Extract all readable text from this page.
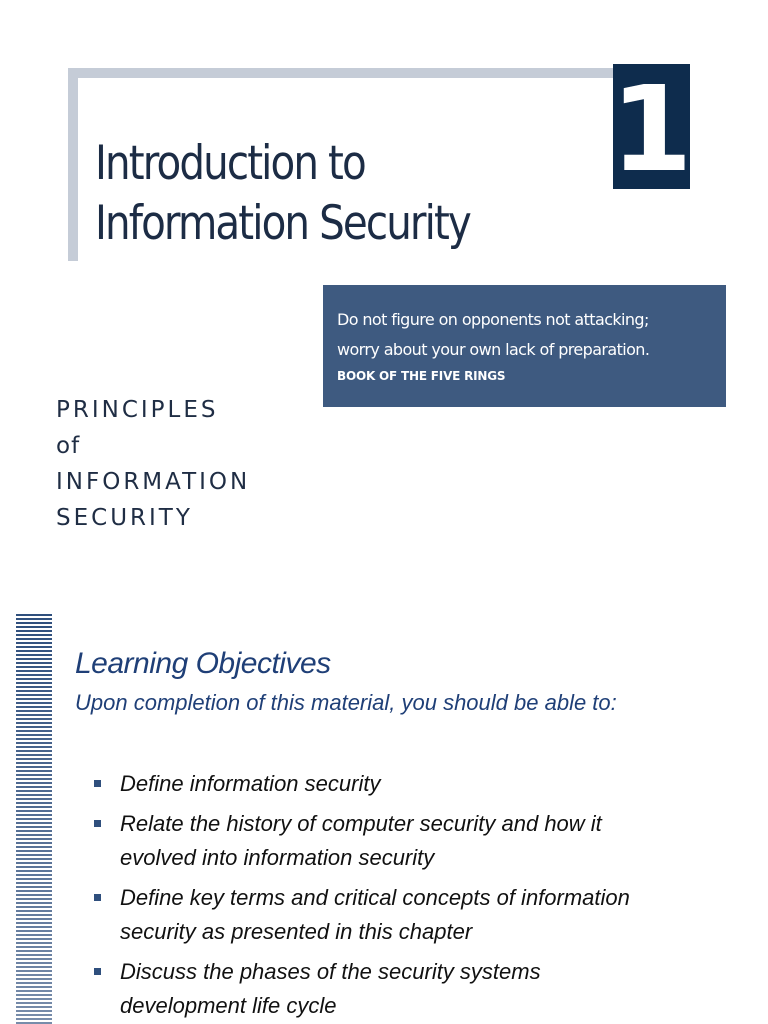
1
Introduction to
Information Security
Do not figure on opponents not attacking;
worry about your own lack of preparation.
BOOK OF THE FIVE RINGS
PRINCIPLES
of
INFORMATION
SECURITY
Learning Objectives
Upon completion of this material, you should be able to:
Define information security
Relate the history of computer security and how it
evolved into information security
Define key terms and critical concepts of information
security as presented in this chapter
Discuss the phases of the security systems
development life cycle
